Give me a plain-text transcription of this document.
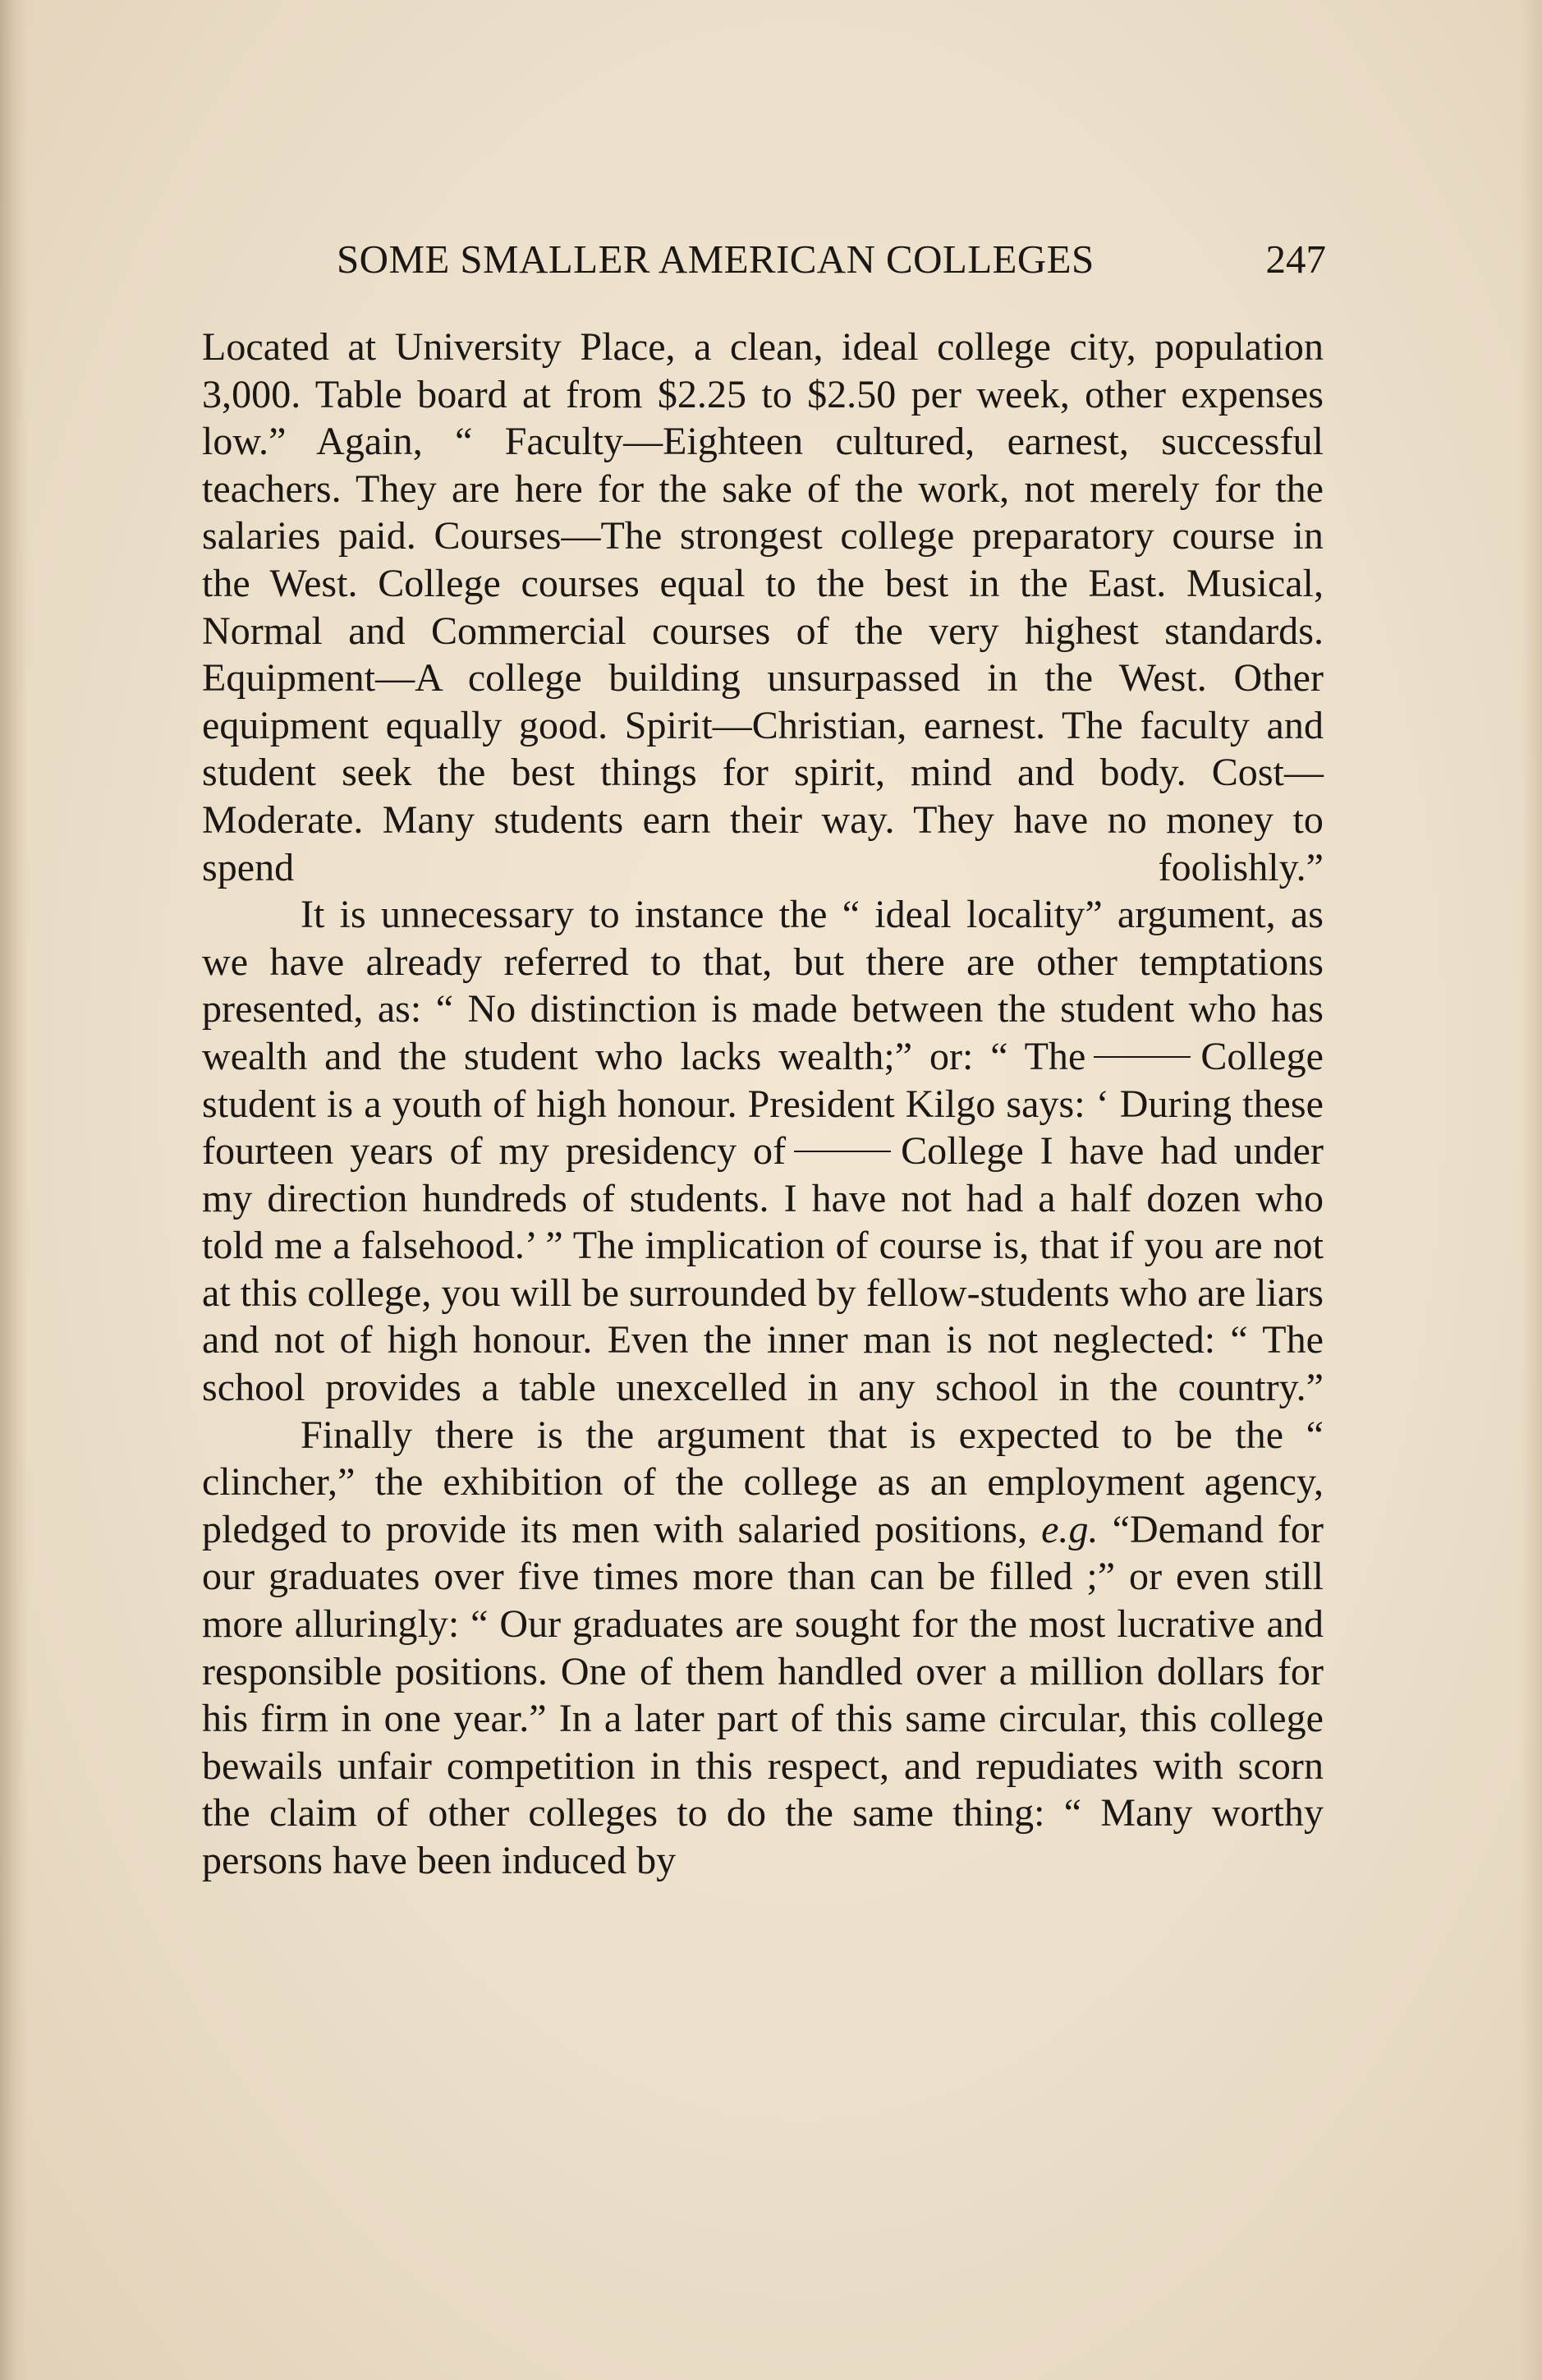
SOME SMALLER AMERICAN COLLEGES	247

Located at University Place, a clean, ideal college city, population 3,000. Table board at from $2.25 to $2.50 per week, other expenses low.” Again, “ Faculty—Eighteen cultured, earnest, successful teachers. They are here for the sake of the work, not merely for the salaries paid. Courses—The strongest college preparatory course in the West. College courses equal to the best in the East. Musical, Normal and Commercial courses of the very highest standards. Equipment—A college building unsurpassed in the West. Other equipment equally good. Spirit—Christian, earnest. The faculty and student seek the best things for spirit, mind and body. Cost—Moderate. Many students earn their way. They have no money to spend foolishly.”

It is unnecessary to instance the “ ideal locality” argument, as we have already referred to that, but there are other temptations presented, as: “ No distinction is made between the student who has wealth and the student who lacks wealth;” or: “ The	College student is a youth of high honour. President Kilgo says: ‘ During these fourteen years of my presidency of	College I have had under my direction hundreds of students. I have not had a half dozen who told me a falsehood.’ ” The implication of course is, that if you are not at this college, you will be surrounded by fellow-students who are liars and not of high honour. Even the inner man is not neglected: “ The school provides a table unexcelled in any school in the country.”

Finally there is the argument that is expected to be the “ clincher,” the exhibition of the college as an employment agency, pledged to provide its men with salaried positions, e.g. “Demand for our graduates over five times more than can be filled ;” or even still more alluringly: “ Our graduates are sought for the most lucrative and responsible positions. One of them handled over a million dollars for his firm in one year.” In a later part of this same circular, this college bewails unfair competition in this respect, and repudiates with scorn the claim of other colleges to do the same thing: “ Many worthy persons have been induced by
